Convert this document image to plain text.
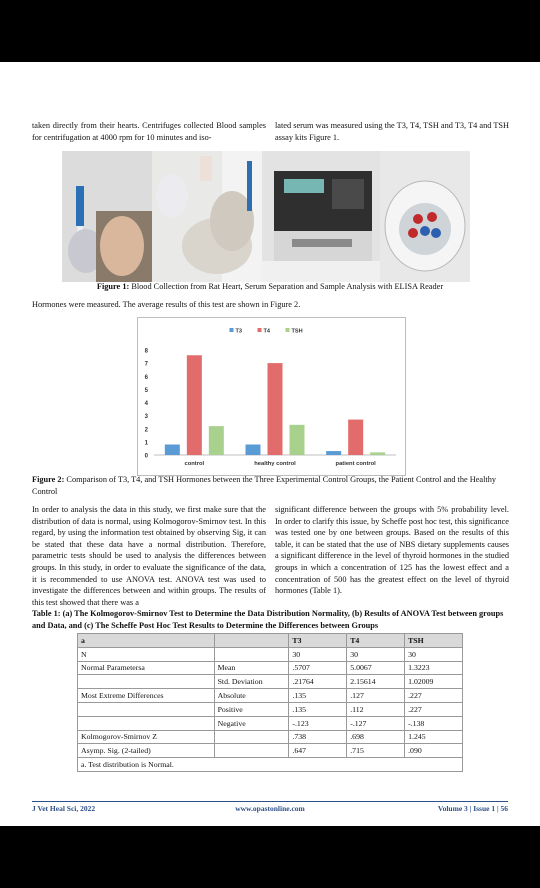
taken directly from their hearts. Centrifuges collected Blood samples for centrifugation at 4000 rpm for 10 minutes and iso-
lated serum was measured using the T3, T4, TSH and T3, T4 and TSH assay kits Figure 1.
Figure 1: Blood Collection from Rat Heart, Serum Separation and Sample Analysis with ELISA Reader
Hormones were measured. The average results of this test are shown in Figure 2.
0
1
2
3
4
5
6
7
8
T3	T4	TSH
control	healthy control	patient control
Figure 2: Comparison of T3, T4, and TSH Hormones between the Three Experimental Control Groups, the Patient Control and the Healthy Control
In order to analysis the data in this study, we first make sure that the distribution of data is normal, using Kolmogorov-Smirnov test. In this regard, by using the information test obtained by observing Sig, it can be stated that these data have a normal distribution. Therefore, parametric tests should be used to analysis the differences between groups. In this study, in order to evaluate the significance of the data, it is recommended to use ANOVA test. ANOVA test was used to investigate the differences between and within groups. The results of this test showed that there was a
significant difference between the groups with 5% probability level. In order to clarify this issue, by Scheffe post hoc test, this significance was tested one by one between groups. Based on the results of this table, it can be stated that the use of NBS dietary supplements causes a significant difference in the level of thyroid hormones in the studied groups in which a concentration of 125 has the lowest effect and a concentration of 500 has the greatest effect on the level of thyroid hormones (Table 1).
Table 1: (a) The Kolmogorov-Smirnov Test to Determine the Data Distribution Normality, (b) Results of ANOVA Test between groups and Data, and (c) The Scheffe Post Hoc Test Results to Determine the Differences between Groups
a		T3	T4	TSH
N		30	30	30
Normal Parametersa	Mean	.5707	5.0067	1.3223
	Std. Deviation	.21764	2.15614	1.02009
Most Extreme Differences	Absolute	.135	.127	.227
	Positive	.135	.112	.227
	Negative	-.123	-.127	-.138
Kolmogorov-Smirnov Z		.738	.698	1.245
Asymp. Sig. (2-tailed)		.647	.715	.090
a. Test distribution is Normal.				
J Vet Heal Sci, 2022	www.opastonline.com	Volume 3 | Issue 1 | 56
